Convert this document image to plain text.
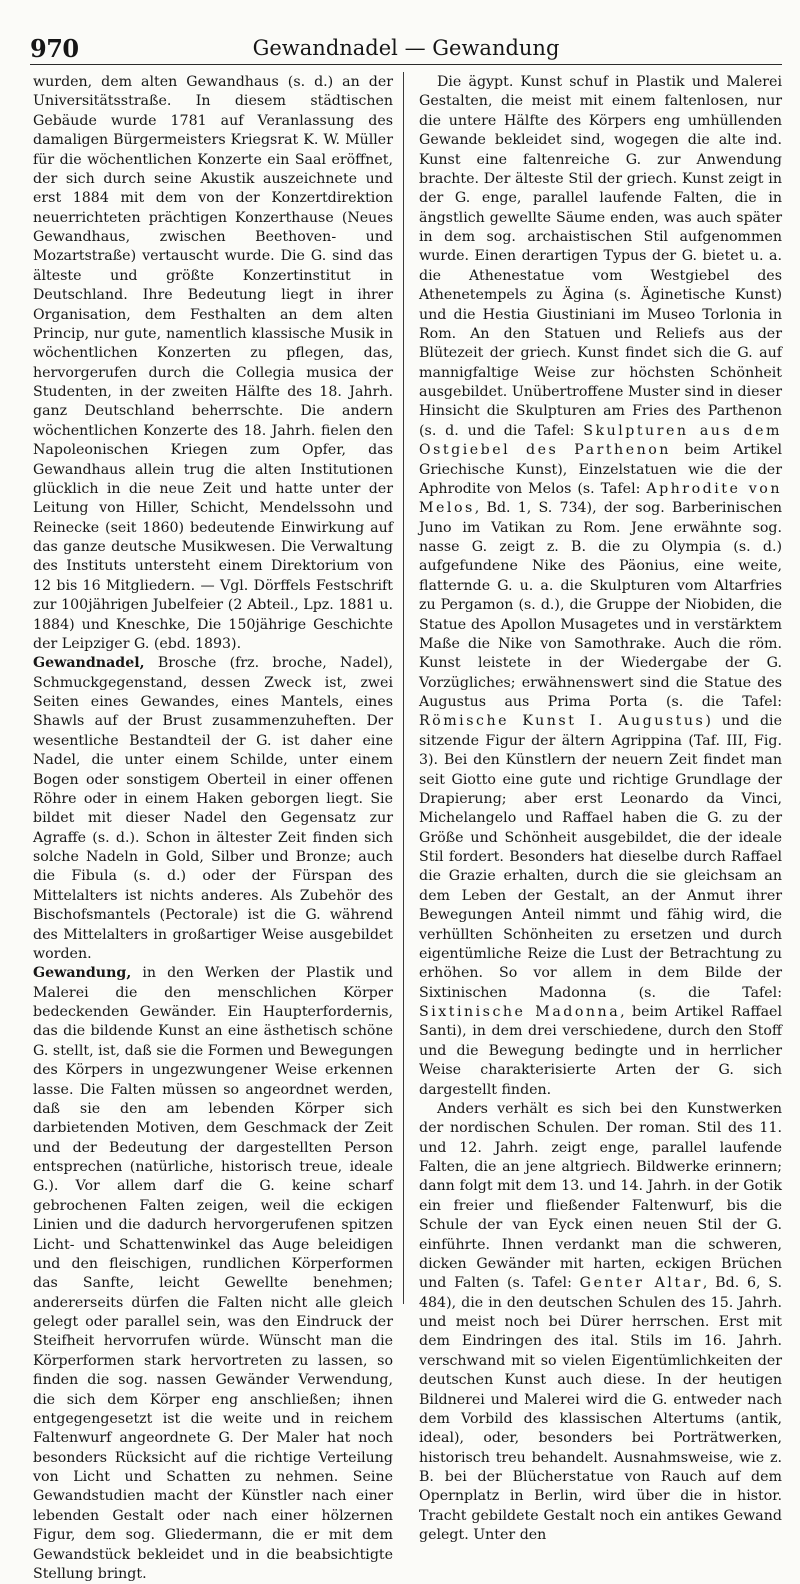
970	Gewandnadel — Gewandung

wurden, dem alten Gewandhaus (s. d.) an der Universitätsstraße. In diesem städtischen Gebäude wurde 1781 auf Veranlassung des damaligen Bürgermeisters Kriegsrat K. W. Müller für die wöchentlichen Konzerte ein Saal eröffnet, der sich durch seine Akustik auszeichnete und erst 1884 mit dem von der Konzertdirektion neuerrichteten prächtigen Konzerthause (Neues Gewandhaus, zwischen Beethoven- und Mozartstraße) vertauscht wurde. Die G. sind das älteste und größte Konzertinstitut in Deutschland. Ihre Bedeutung liegt in ihrer Organisation, dem Festhalten an dem alten Princip, nur gute, namentlich klassische Musik in wöchentlichen Konzerten zu pflegen, das, hervorgerufen durch die Collegia musica der Studenten, in der zweiten Hälfte des 18. Jahrh. ganz Deutschland beherrschte. Die andern wöchentlichen Konzerte des 18. Jahrh. fielen den Napoleonischen Kriegen zum Opfer, das Gewandhaus allein trug die alten Institutionen glücklich in die neue Zeit und hatte unter der Leitung von Hiller, Schicht, Mendelssohn und Reinecke (seit 1860) bedeutende Einwirkung auf das ganze deutsche Musikwesen. Die Verwaltung des Instituts untersteht einem Direktorium von 12 bis 16 Mitgliedern. — Vgl. Dörffels Festschrift zur 100jährigen Jubelfeier (2 Abteil., Lpz. 1881 u. 1884) und Kneschke, Die 150jährige Geschichte der Leipziger G. (ebd. 1893).

Gewandnadel, Brosche (frz. broche, Nadel), Schmuckgegenstand, dessen Zweck ist, zwei Seiten eines Gewandes, eines Mantels, eines Shawls auf der Brust zusammenzuheften. Der wesentliche Bestandteil der G. ist daher eine Nadel, die unter einem Schilde, unter einem Bogen oder sonstigem Oberteil in einer offenen Röhre oder in einem Haken geborgen liegt. Sie bildet mit dieser Nadel den Gegensatz zur Agraffe (s. d.). Schon in ältester Zeit finden sich solche Nadeln in Gold, Silber und Bronze; auch die Fibula (s. d.) oder der Fürspan des Mittelalters ist nichts anderes. Als Zubehör des Bischofsmantels (Pectorale) ist die G. während des Mittelalters in großartiger Weise ausgebildet worden.

Gewandung, in den Werken der Plastik und Malerei die den menschlichen Körper bedeckenden Gewänder. Ein Haupterfordernis, das die bildende Kunst an eine ästhetisch schöne G. stellt, ist, daß sie die Formen und Bewegungen des Körpers in ungezwungener Weise erkennen lasse. Die Falten müssen so angeordnet werden, daß sie den am lebenden Körper sich darbietenden Motiven, dem Geschmack der Zeit und der Bedeutung der dargestellten Person entsprechen (natürliche, historisch treue, ideale G.). Vor allem darf die G. keine scharf gebrochenen Falten zeigen, weil die eckigen Linien und die dadurch hervorgerufenen spitzen Licht- und Schattenwinkel das Auge beleidigen und den fleischigen, rundlichen Körperformen das Sanfte, leicht Gewellte benehmen; andererseits dürfen die Falten nicht alle gleich gelegt oder parallel sein, was den Eindruck der Steifheit hervorrufen würde. Wünscht man die Körperformen stark hervortreten zu lassen, so finden die sog. nassen Gewänder Verwendung, die sich dem Körper eng anschließen; ihnen entgegengesetzt ist die weite und in reichem Faltenwurf angeordnete G. Der Maler hat noch besonders Rücksicht auf die richtige Verteilung von Licht und Schatten zu nehmen. Seine Gewandstudien macht der Künstler nach einer lebenden Gestalt oder nach einer hölzernen Figur, dem sog. Gliedermann, die er mit dem Gewandstück bekleidet und in die beabsichtigte Stellung bringt.

Die ägypt. Kunst schuf in Plastik und Malerei Gestalten, die meist mit einem faltenlosen, nur die untere Hälfte des Körpers eng umhüllenden Gewande bekleidet sind, wogegen die alte ind. Kunst eine faltenreiche G. zur Anwendung brachte. Der älteste Stil der griech. Kunst zeigt in der G. enge, parallel laufende Falten, die in ängstlich gewellte Säume enden, was auch später in dem sog. archaistischen Stil aufgenommen wurde. Einen derartigen Typus der G. bietet u. a. die Athenestatue vom Westgiebel des Athenetempels zu Ägina (s. Äginetische Kunst) und die Hestia Giustiniani im Museo Torlonia in Rom. An den Statuen und Reliefs aus der Blütezeit der griech. Kunst findet sich die G. auf mannigfaltige Weise zur höchsten Schönheit ausgebildet. Unübertroffene Muster sind in dieser Hinsicht die Skulpturen am Fries des Parthenon (s. d. und die Tafel: Skulpturen aus dem Ostgiebel des Parthenon beim Artikel Griechische Kunst), Einzelstatuen wie die der Aphrodite von Melos (s. Tafel: Aphrodite von Melos, Bd. 1, S. 734), der sog. Barberinischen Juno im Vatikan zu Rom. Jene erwähnte sog. nasse G. zeigt z. B. die zu Olympia (s. d.) aufgefundene Nike des Päonius, eine weite, flatternde G. u. a. die Skulpturen vom Altarfries zu Pergamon (s. d.), die Gruppe der Niobiden, die Statue des Apollon Musagetes und in verstärktem Maße die Nike von Samothrake. Auch die röm. Kunst leistete in der Wiedergabe der G. Vorzügliches; erwähnenswert sind die Statue des Augustus aus Prima Porta (s. die Tafel: Römische Kunst I. Augustus) und die sitzende Figur der ältern Agrippina (Taf. III, Fig. 3). Bei den Künstlern der neuern Zeit findet man seit Giotto eine gute und richtige Grundlage der Drapierung; aber erst Leonardo da Vinci, Michelangelo und Raffael haben die G. zu der Größe und Schönheit ausgebildet, die der ideale Stil fordert. Besonders hat dieselbe durch Raffael die Grazie erhalten, durch die sie gleichsam an dem Leben der Gestalt, an der Anmut ihrer Bewegungen Anteil nimmt und fähig wird, die verhüllten Schönheiten zu ersetzen und durch eigentümliche Reize die Lust der Betrachtung zu erhöhen. So vor allem in dem Bilde der Sixtinischen Madonna (s. die Tafel: Sixtinische Madonna, beim Artikel Raffael Santi), in dem drei verschiedene, durch den Stoff und die Bewegung bedingte und in herrlicher Weise charakterisierte Arten der G. sich dargestellt finden.

Anders verhält es sich bei den Kunstwerken der nordischen Schulen. Der roman. Stil des 11. und 12. Jahrh. zeigt enge, parallel laufende Falten, die an jene altgriech. Bildwerke erinnern; dann folgt mit dem 13. und 14. Jahrh. in der Gotik ein freier und fließender Faltenwurf, bis die Schule der van Eyck einen neuen Stil der G. einführte. Ihnen verdankt man die schweren, dicken Gewänder mit harten, eckigen Brüchen und Falten (s. Tafel: Genter Altar, Bd. 6, S. 484), die in den deutschen Schulen des 15. Jahrh. und meist noch bei Dürer herrschen. Erst mit dem Eindringen des ital. Stils im 16. Jahrh. verschwand mit so vielen Eigentümlichkeiten der deutschen Kunst auch diese. In der heutigen Bildnerei und Malerei wird die G. entweder nach dem Vorbild des klassischen Altertums (antik, ideal), oder, besonders bei Porträtwerken, historisch treu behandelt. Ausnahmsweise, wie z. B. bei der Blücherstatue von Rauch auf dem Opernplatz in Berlin, wird über die in histor. Tracht gebildete Gestalt noch ein antikes Gewand gelegt. Unter den
